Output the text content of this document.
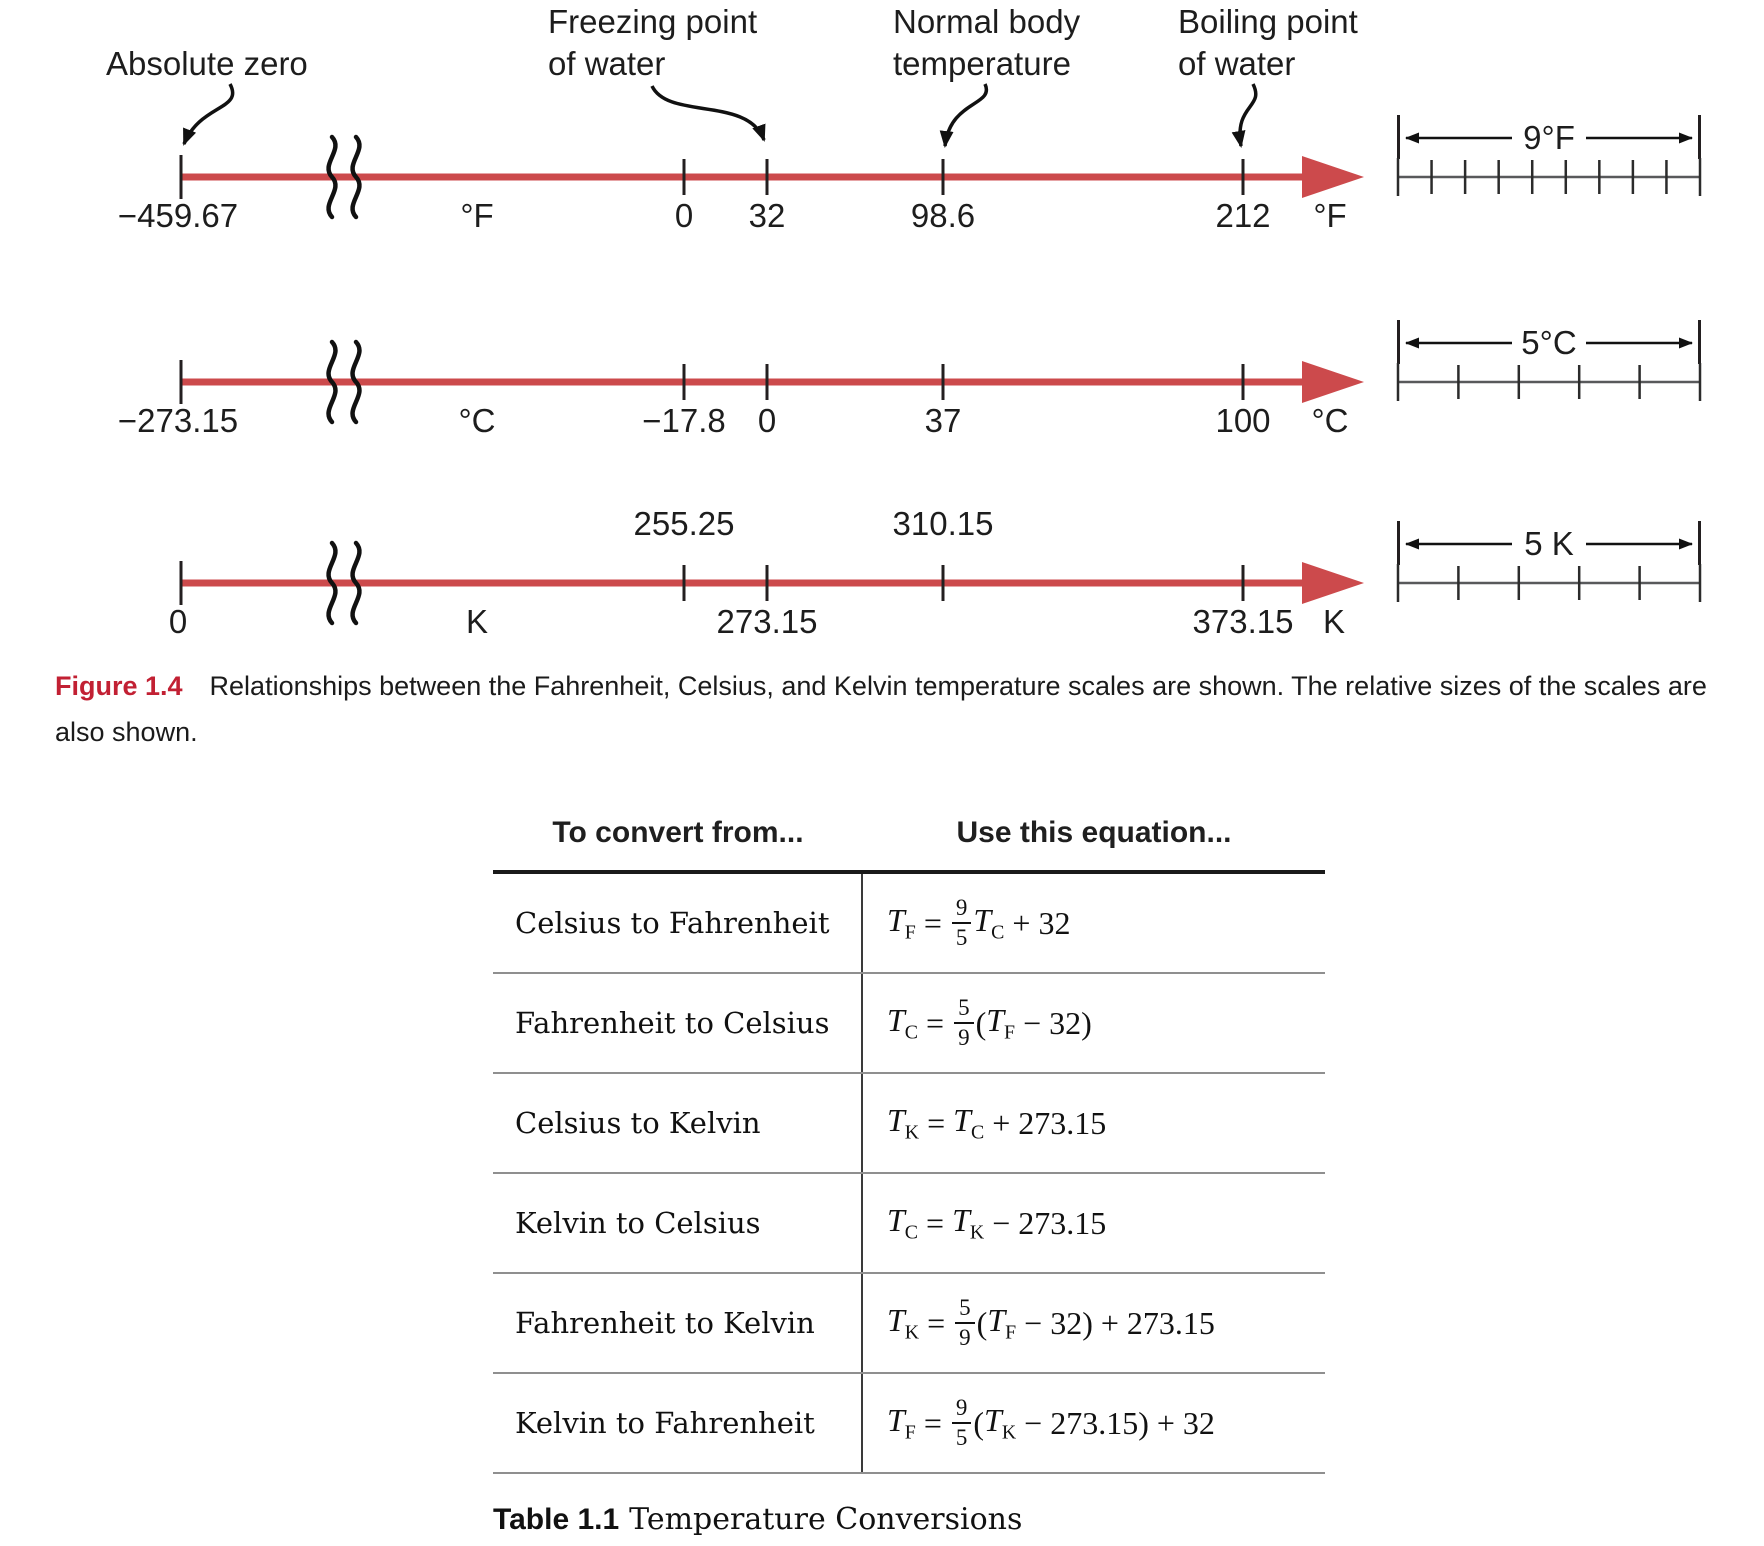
Absolute zero
Freezing point
of water
Normal body
temperature
Boiling point
of water
−459.67	°F	0 32	98.6	212 °F
9°F
−273.15	°C	−17.8 0	37	100 °C
5°C
255.25	310.15
0	K	273.15	373.15 K
5 K
Figure 1.4 Relationships between the Fahrenheit, Celsius, and Kelvin temperature scales are shown. The relative sizes of the scales are
also shown.
To convert from...	Use this equation...
Celsius to Fahrenheit	$T_F = \frac{9}{5} T_C + 32$
Fahrenheit to Celsius	$T_C = \frac{5}{9}$ ( $T_F - 32$)
Celsius to Kelvin	$T_K = T_C + 273.15$
Kelvin to Celsius	$T_C = T_K - 273.15$
Fahrenheit to Kelvin	$T_K = \frac{5}{9}$ ( $T_F - 32) + 273.15$
Kelvin to Fahrenheit	$T_F = \frac{9}{5}$ ( $T_K - 273.15) + 32$
Table 1.1 Temperature Conversions
